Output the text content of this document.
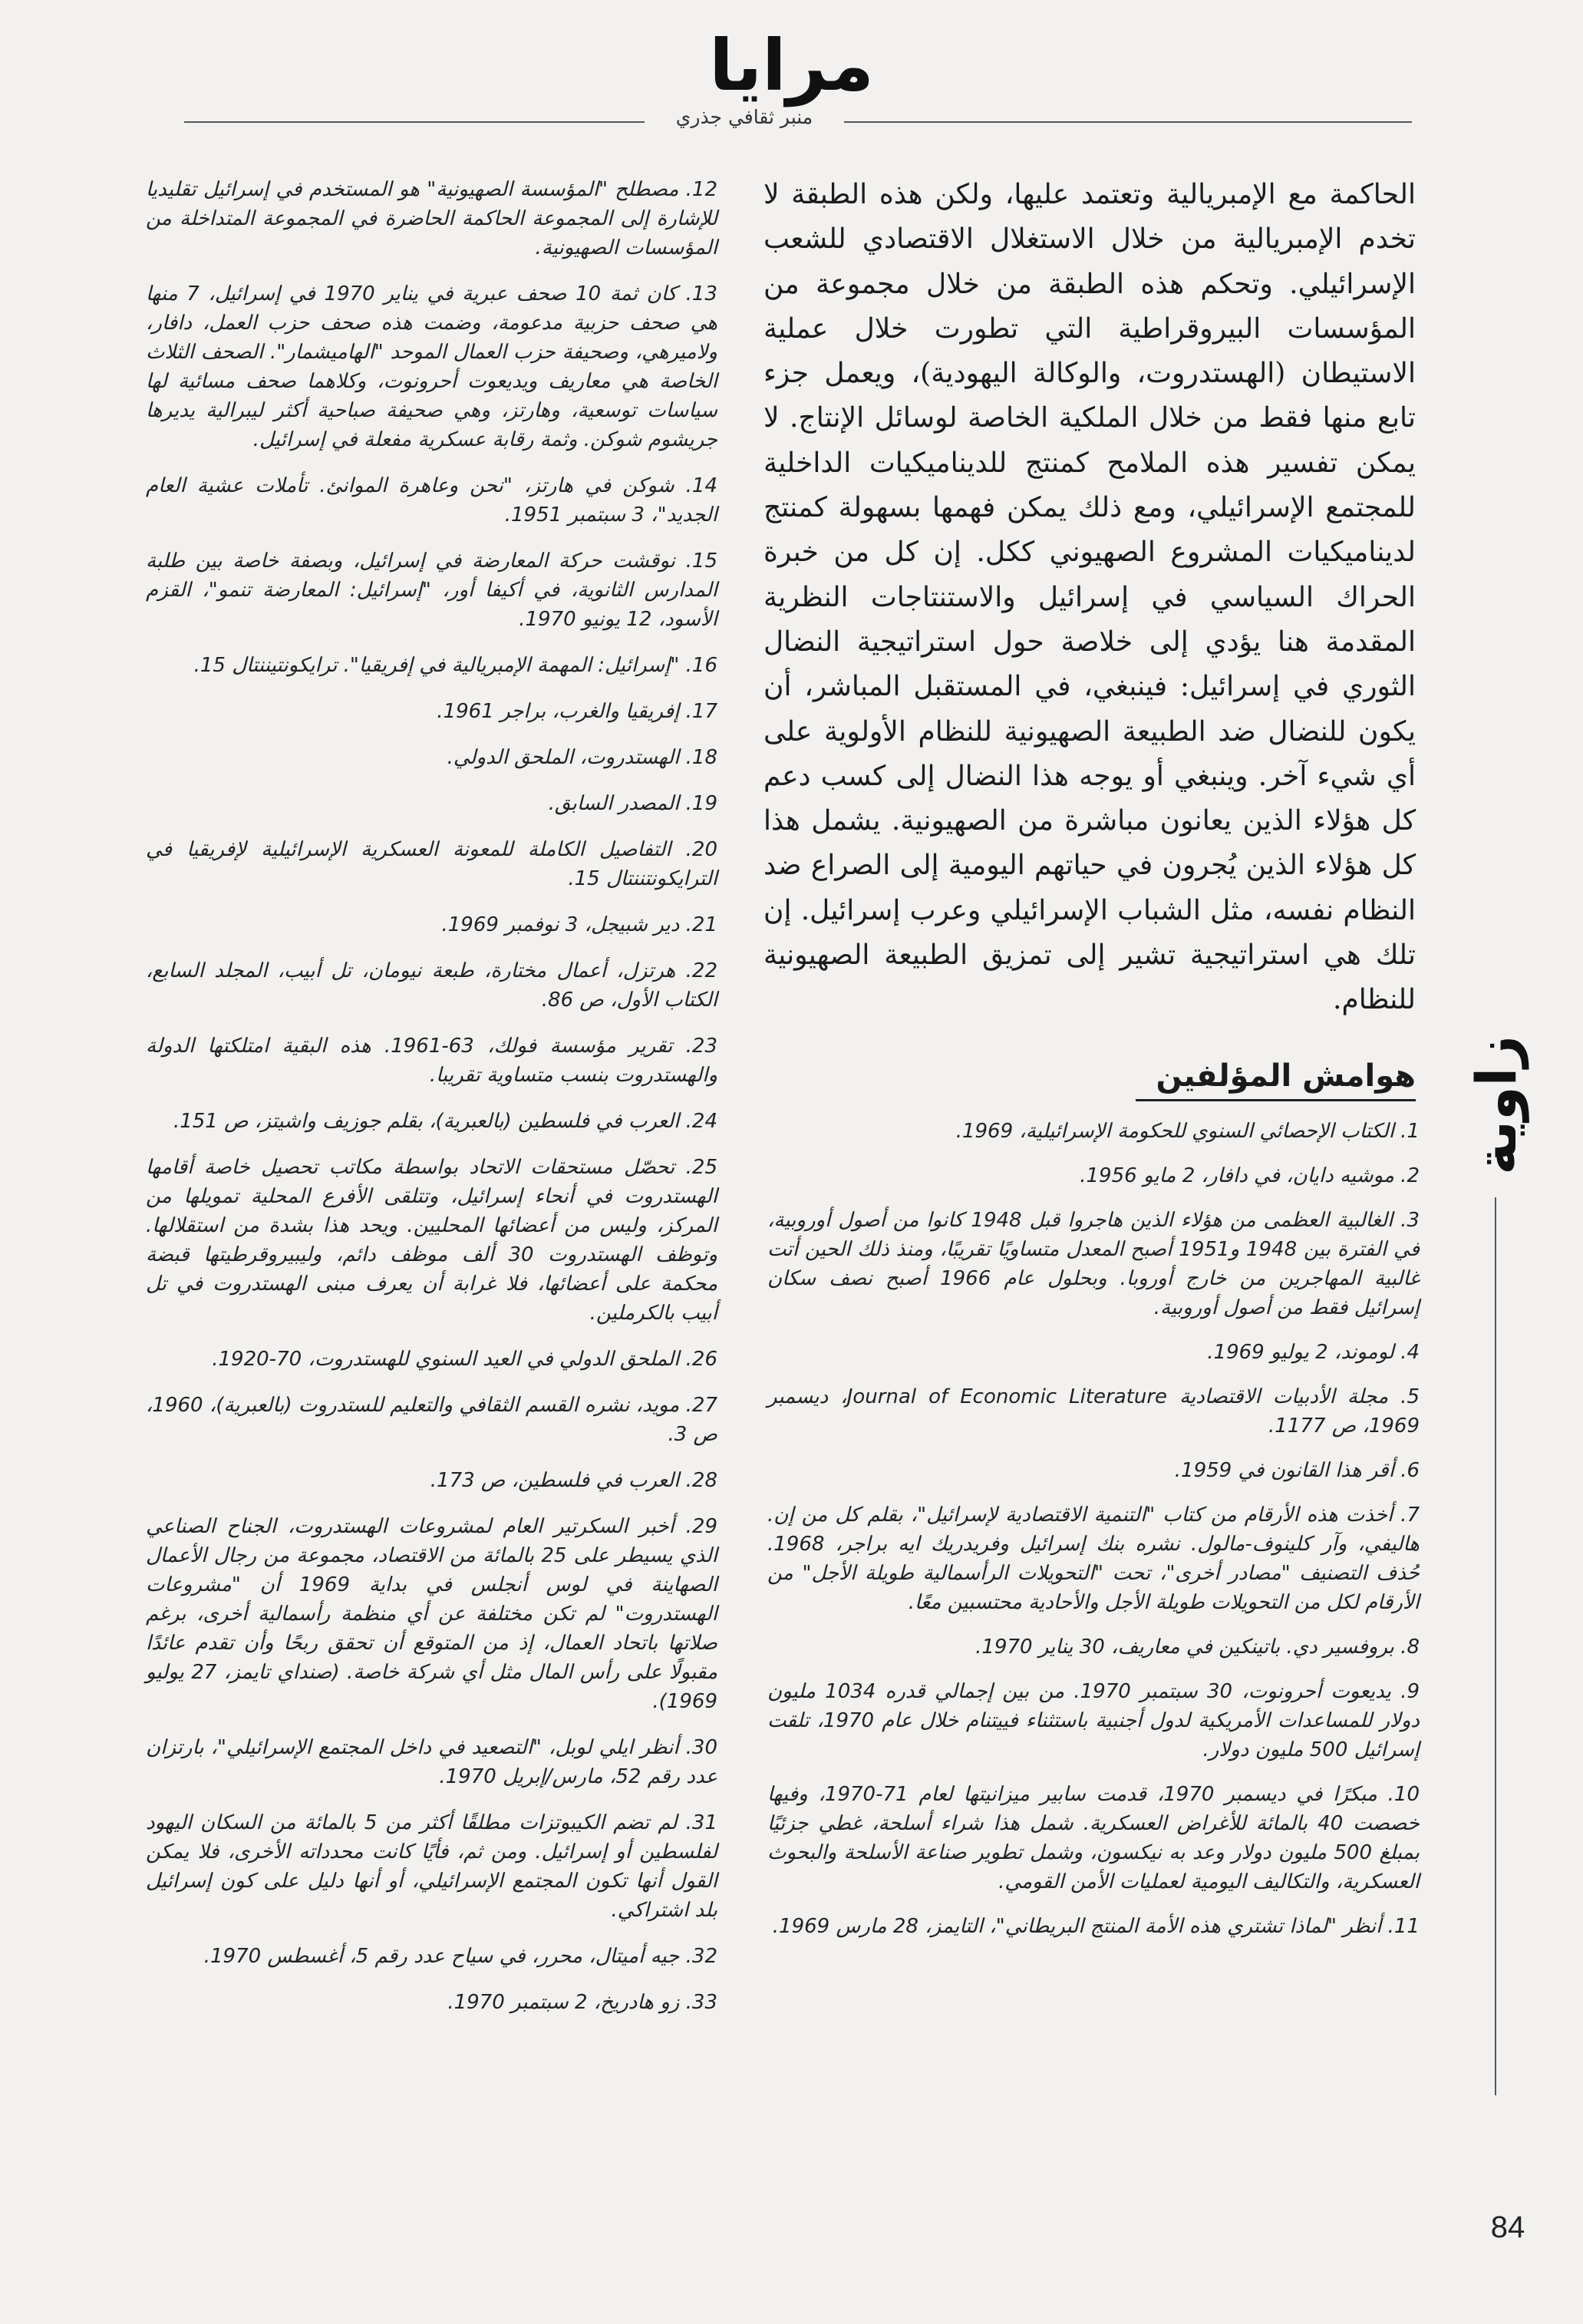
مرايا
منبر ثقافي جذري
الحاكمة مع الإمبريالية وتعتمد عليها، ولكن هذه الطبقة لا تخدم الإمبريالية من خلال الاستغلال الاقتصادي للشعب الإسرائيلي. وتحكم هذه الطبقة من خلال مجموعة من المؤسسات البيروقراطية التي تطورت خلال عملية الاستيطان (الهستدروت، والوكالة اليهودية)، ويعمل جزء تابع منها فقط من خلال الملكية الخاصة لوسائل الإنتاج. لا يمكن تفسير هذه الملامح كمنتج للديناميكيات الداخلية للمجتمع الإسرائيلي، ومع ذلك يمكن فهمها بسهولة كمنتج لديناميكيات المشروع الصهيوني ككل. إن كل من خبرة الحراك السياسي في إسرائيل والاستنتاجات النظرية المقدمة هنا يؤدي إلى خلاصة حول استراتيجية النضال الثوري في إسرائيل: فينبغي، في المستقبل المباشر، أن يكون للنضال ضد الطبيعة الصهيونية للنظام الأولوية على أي شيء آخر. وينبغي أو يوجه هذا النضال إلى كسب دعم كل هؤلاء الذين يعانون مباشرة من الصهيونية. يشمل هذا كل هؤلاء الذين يُجرون في حياتهم اليومية إلى الصراع ضد النظام نفسه، مثل الشباب الإسرائيلي وعرب إسرائيل. إن تلك هي استراتيجية تشير إلى تمزيق الطبيعة الصهيونية للنظام.
هوامش المؤلفين

1. الكتاب الإحصائي السنوي للحكومة الإسرائيلية، 1969.

2. موشيه دايان، في دافار، 2 مايو 1956.

3. الغالبية العظمى من هؤلاء الذين هاجروا قبل 1948 كانوا من أصول أوروبية، في الفترة بين 1948 و1951 أصبح المعدل متساويًا تقريبًا، ومنذ ذلك الحين أتت غالبية المهاجرين من خارج أوروبا. وبحلول عام 1966 أصبح نصف سكان إسرائيل فقط من أصول أوروبية.

4. لوموند، 2 يوليو 1969.

5. مجلة الأدبيات الاقتصادية Journal of Economic Literature، ديسمبر 1969، ص 1177.

6. أقر هذا القانون في 1959.

7. أخذت هذه الأرقام من كتاب "التنمية الاقتصادية لإسرائيل"، بقلم كل من إن. هاليفي، وآر كلينوف-مالول. نشره بنك إسرائيل وفريدريك ايه براجر، 1968. حُذف التصنيف "مصادر أخرى"، تحت "التحويلات الرأسمالية طويلة الأجل" من الأرقام لكل من التحويلات طويلة الأجل والأحادية محتسبين معًا.

8. بروفسير دي. باتينكين في معاريف، 30 يناير 1970.

9. يديعوت أحرونوت، 30 سبتمبر 1970. من بين إجمالي قدره 1034 مليون دولار للمساعدات الأمريكية لدول أجنبية باستثناء فييتنام خلال عام 1970، تلقت إسرائيل 500 مليون دولار.

10. مبكرًا في ديسمبر 1970، قدمت سابير ميزانيتها لعام 71-1970، وفيها خصصت 40 بالمائة للأغراض العسكرية. شمل هذا شراء أسلحة، غطي جزئيًا بمبلغ 500 مليون دولار وعد به نيكسون، وشمل تطوير صناعة الأسلحة والبحوث العسكرية، والتكاليف اليومية لعمليات الأمن القومي.

11. أنظر "لماذا تشتري هذه الأمة المنتج البريطاني"، التايمز، 28 مارس 1969.

12. مصطلح "المؤسسة الصهيونية" هو المستخدم في إسرائيل تقليديا للإشارة إلى المجموعة الحاكمة الحاضرة في المجموعة المتداخلة من المؤسسات الصهيونية.

13. كان ثمة 10 صحف عبرية في يناير 1970 في إسرائيل، 7 منها هي صحف حزبية مدعومة، وضمت هذه صحف حزب العمل، دافار، ولاميرهي، وصحيفة حزب العمال الموحد "الهاميشمار". الصحف الثلاث الخاصة هي معاريف ويديعوت أحرونوت، وكلاهما صحف مسائية لها سياسات توسعية، وهارتز، وهي صحيفة صباحية أكثر ليبرالية يديرها جريشوم شوكن. وثمة رقابة عسكرية مفعلة في إسرائيل.

14. شوكن في هارتز، "نحن وعاهرة الموانئ. تأملات عشية العام الجديد"، 3 سبتمبر 1951.

15. نوقشت حركة المعارضة في إسرائيل، وبصفة خاصة بين طلبة المدارس الثانوية، في أكيفا أور، "إسرائيل: المعارضة تنمو"، القزم الأسود، 12 يونيو 1970.

16. "إسرائيل: المهمة الإمبريالية في إفريقيا". ترايكونتيننتال 15.

17. إفريقيا والغرب، براجر 1961.

18. الهستدروت، الملحق الدولي.

19. المصدر السابق.

20. التفاصيل الكاملة للمعونة العسكرية الإسرائيلية لإفريقيا في الترايكونتننتال 15.

21. دير شبيجل، 3 نوفمبر 1969.

22. هرتزل، أعمال مختارة، طبعة نيومان، تل أبيب، المجلد السابع، الكتاب الأول، ص 86.

23. تقرير مؤسسة فولك، 63-1961. هذه البقية امتلكتها الدولة والهستدروت بنسب متساوية تقريبا.

24. العرب في فلسطين (بالعبرية)، بقلم جوزيف واشيتز، ص 151.

25. تحصّل مستحقات الاتحاد بواسطة مكاتب تحصيل خاصة أقامها الهستدروت في أنحاء إسرائيل، وتتلقى الأفرع المحلية تمويلها من المركز، وليس من أعضائها المحليين. ويحد هذا بشدة من استقلالها. وتوظف الهستدروت 30 ألف موظف دائم، وليبيروقرطيتها قبضة محكمة على أعضائها، فلا غرابة أن يعرف مبنى الهستدروت في تل أبيب بالكرملين.

26. الملحق الدولي في العيد السنوي للهستدروت، 70-1920.

27. مويد، نشره القسم الثقافي والتعليم للستدروت (بالعبرية)، 1960، ص 3.

28. العرب في فلسطين، ص 173.

29. أخبر السكرتير العام لمشروعات الهستدروت، الجناح الصناعي الذي يسيطر على 25 بالمائة من الاقتصاد، مجموعة من رجال الأعمال الصهاينة في لوس أنجلس في بداية 1969 أن "مشروعات الهستدروت" لم تكن مختلفة عن أي منظمة رأسمالية أخرى، برغم صلاتها باتحاد العمال، إذ من المتوقع أن تحقق ربحًا وأن تقدم عائدًا مقبولًا على رأس المال مثل أي شركة خاصة. (صنداي تايمز، 27 يوليو 1969).

30. أنظر ايلي لوبل، "التصعيد في داخل المجتمع الإسرائيلي"، بارتزان عدد رقم 52، مارس/إبريل 1970.

31. لم تضم الكيبوتزات مطلقًا أكثر من 5 بالمائة من السكان اليهود لفلسطين أو إسرائيل. ومن ثم، فأيًا كانت محدداته الأخرى، فلا يمكن القول أنها تكون المجتمع الإسرائيلي، أو أنها دليل على كون إسرائيل بلد اشتراكي.

32. جيه أميتال، محرر، في سياح عدد رقم 5، أغسطس 1970.

33. زو هادريخ، 2 سبتمبر 1970.

زاوية
84
